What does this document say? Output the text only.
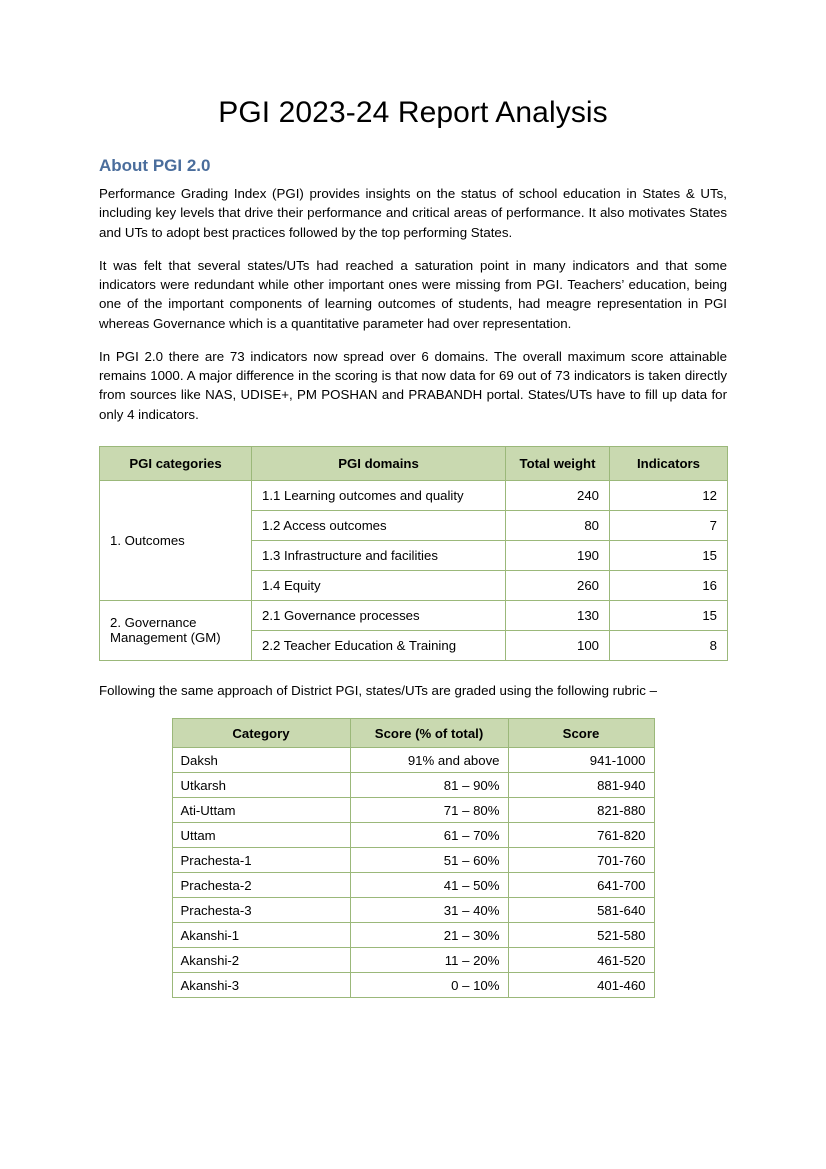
PGI 2023-24 Report Analysis
About PGI 2.0

Performance Grading Index (PGI) provides insights on the status of school education in States & UTs, including key levels that drive their performance and critical areas of performance. It also motivates States and UTs to adopt best practices followed by the top performing States.

It was felt that several states/UTs had reached a saturation point in many indicators and that some indicators were redundant while other important ones were missing from PGI. Teachers’ education, being one of the important components of learning outcomes of students, had meagre representation in PGI whereas Governance which is a quantitative parameter had over representation.

In PGI 2.0 there are 73 indicators now spread over 6 domains. The overall maximum score attainable remains 1000. A major difference in the scoring is that now data for 69 out of 73 indicators is taken directly from sources like NAS, UDISE+, PM POSHAN and PRABANDH portal. States/UTs have to fill up data for only 4 indicators.

PGI categories	PGI domains	Total weight	Indicators
1. Outcomes	1.1 Learning outcomes and quality	240	12
	1.2 Access outcomes	80	7
	1.3 Infrastructure and facilities	190	15
	1.4 Equity	260	16
2. Governance Management (GM)	2.1 Governance processes	130	15
	2.2 Teacher Education & Training	100	8

Following the same approach of District PGI, states/UTs are graded using the following rubric –

Category	Score (% of total)	Score
Daksh	91% and above	941-1000
Utkarsh	81 – 90%	881-940
Ati-Uttam	71 – 80%	821-880
Uttam	61 – 70%	761-820
Prachesta-1	51 – 60%	701-760
Prachesta-2	41 – 50%	641-700
Prachesta-3	31 – 40%	581-640
Akanshi-1	21 – 30%	521-580
Akanshi-2	11 – 20%	461-520
Akanshi-3	0 – 10%	401-460
